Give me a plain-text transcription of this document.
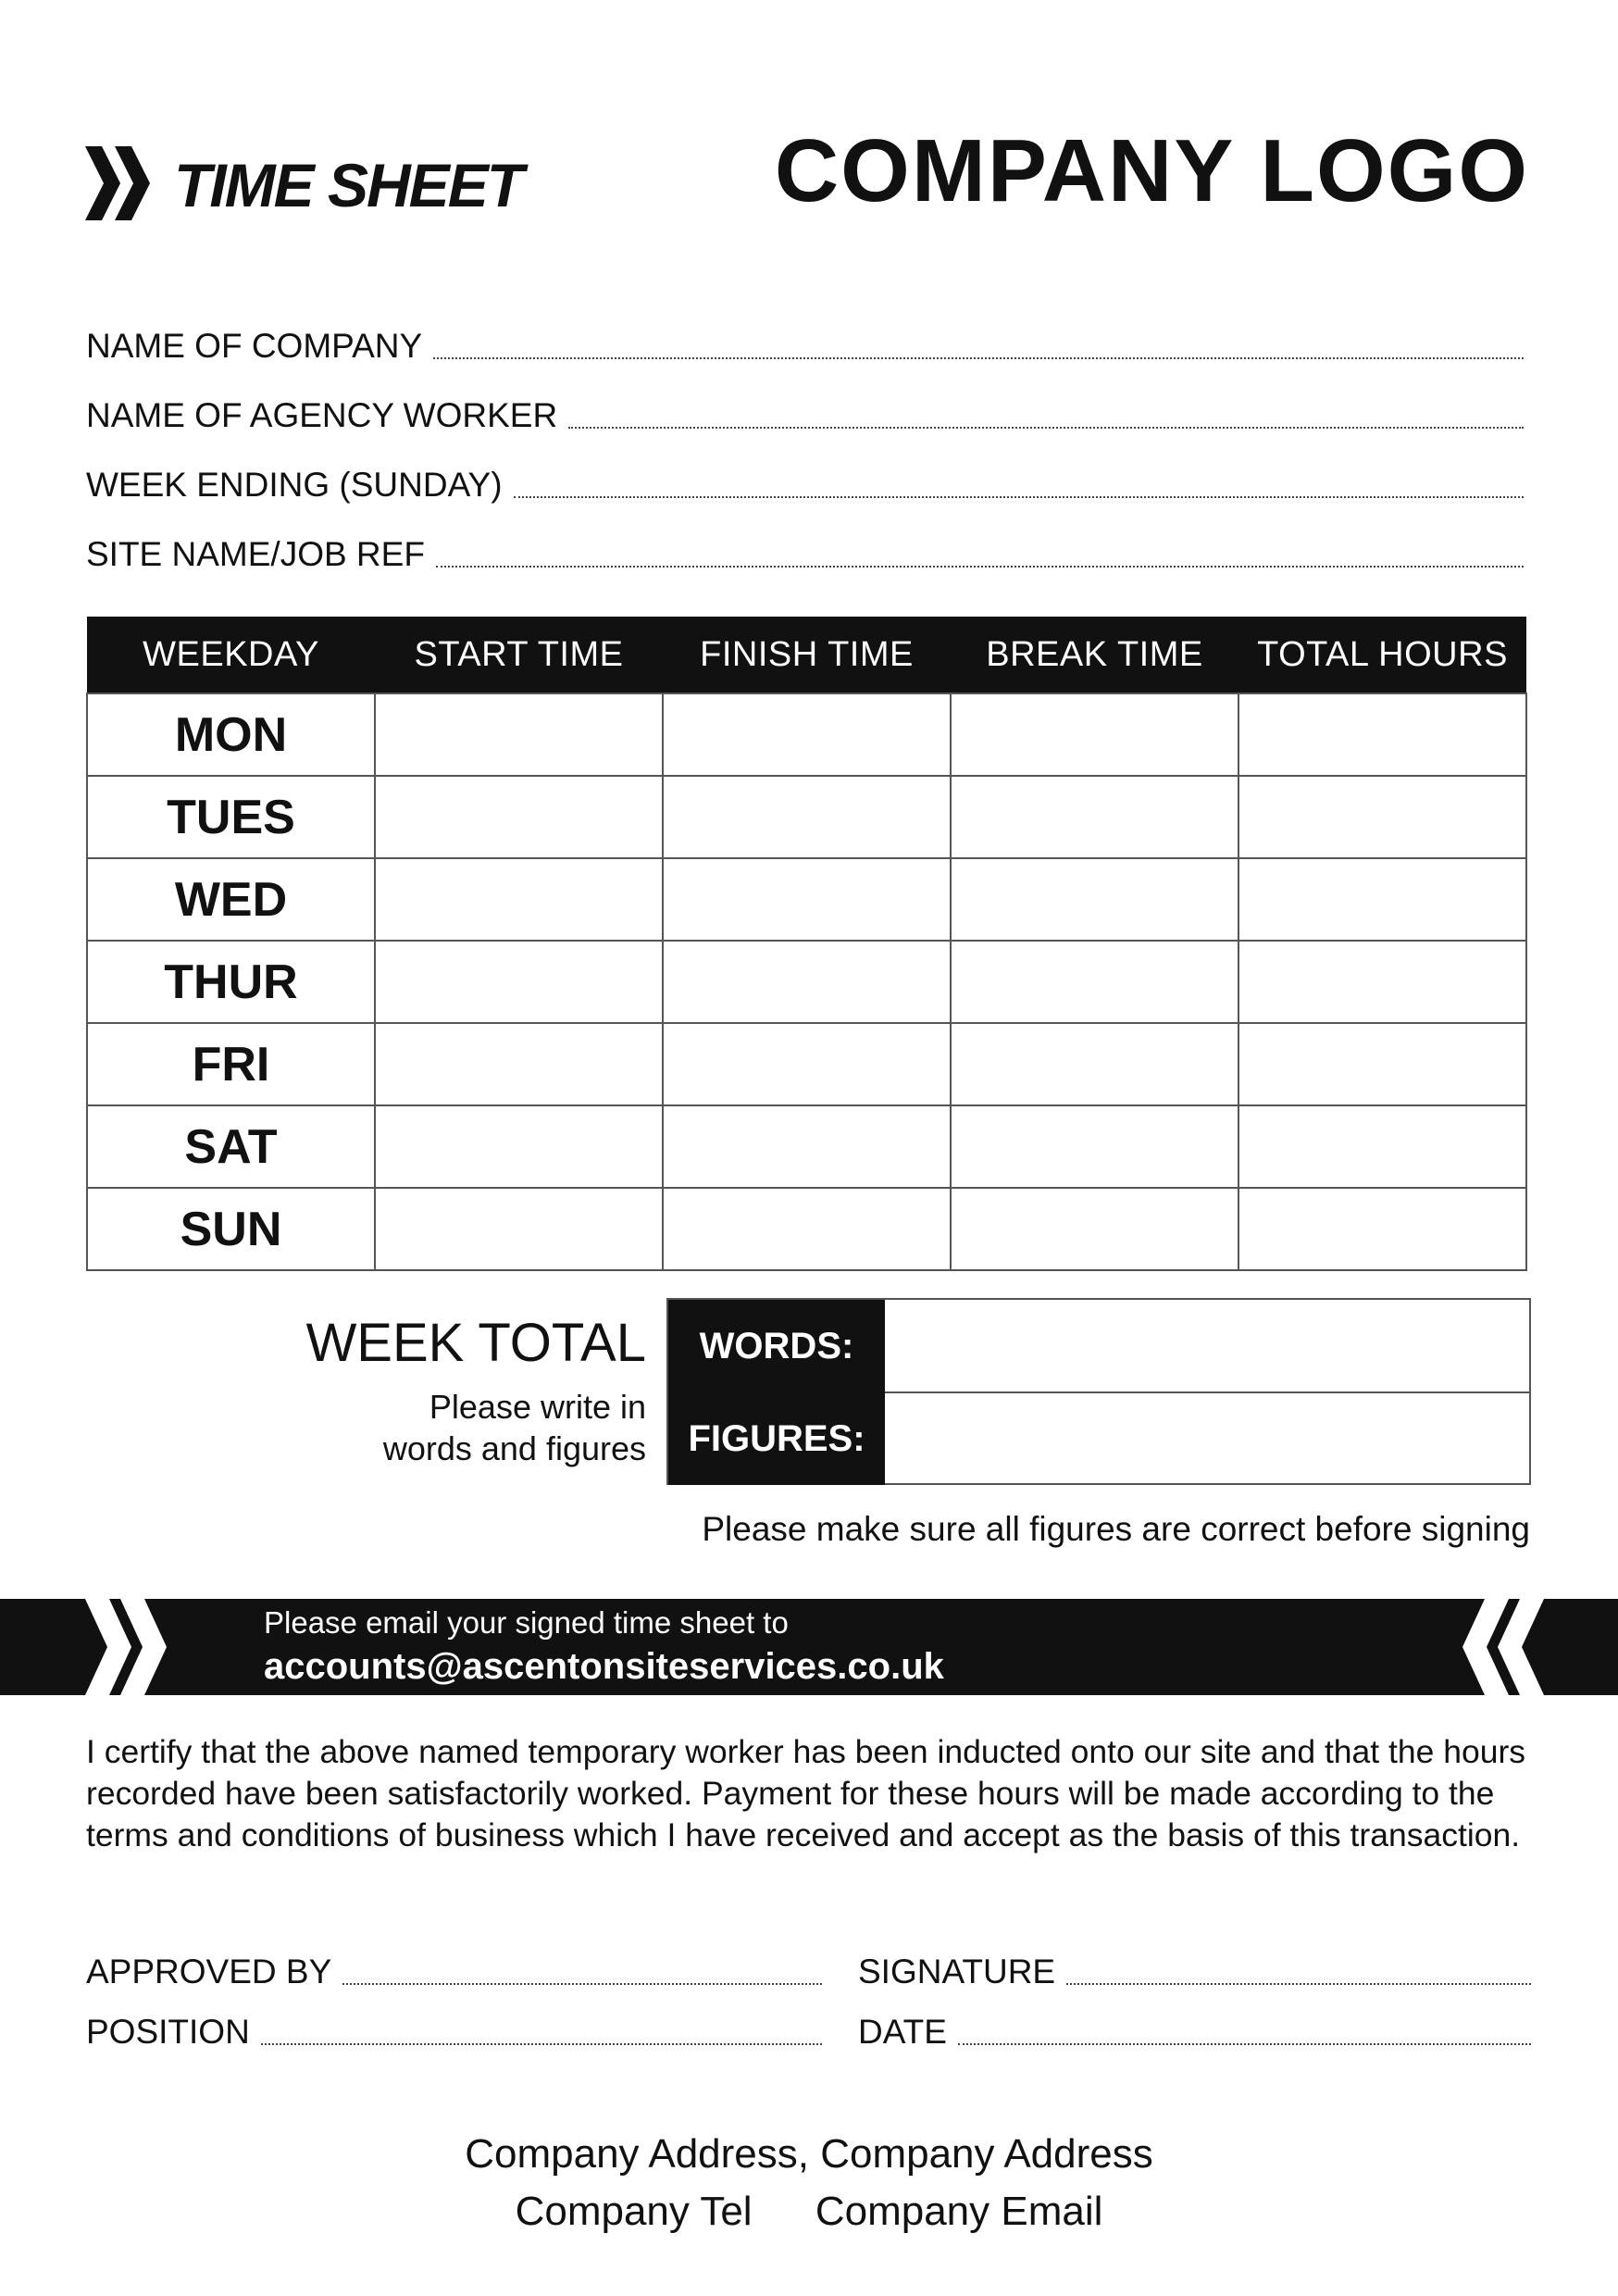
TIME SHEET	COMPANY LOGO
NAME OF COMPANY
NAME OF AGENCY WORKER
WEEK ENDING (SUNDAY)
SITE NAME/JOB REF
WEEKDAY	START TIME	FINISH TIME	BREAK TIME	TOTAL HOURS
MON				
TUES				
WED				
THUR				
FRI				
SAT				
SUN				
WEEK TOTAL
Please write in
words and figures
WORDS:
FIGURES:
Please make sure all figures are correct before signing
Please email your signed time sheet to
accounts@ascentonsiteservices.co.uk
I certify that the above named temporary worker has been inducted onto our site and that the hours recorded have been satisfactorily worked. Payment for these hours will be made according to the terms and conditions of business which I have received and accept as the basis of this transaction.
APPROVED BY	SIGNATURE
POSITION	DATE
Company Address, Company Address
Company Tel Company Email
